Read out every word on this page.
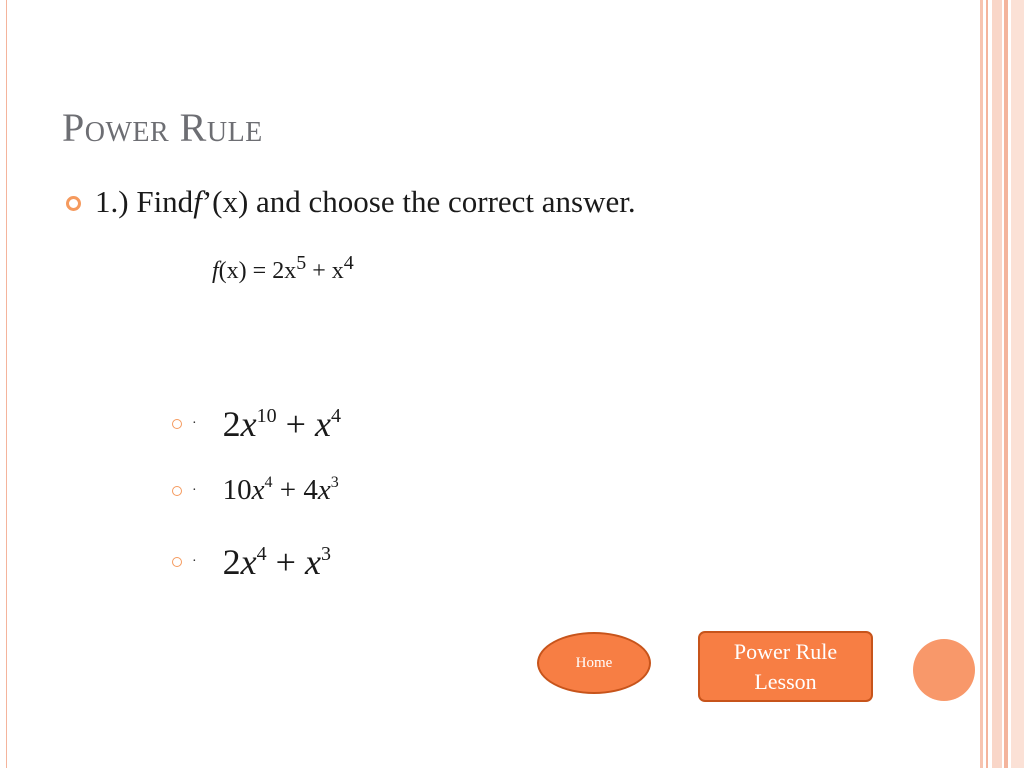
Power Rule
1.) Find f ’(x) and choose the correct answer.
$f(x) = 2x^5 + x^4$
· $2x^{10} + x^4$
· $10x^4 + 4x^3$
· $2x^4 + x^3$
Home	Power Rule
Lesson
